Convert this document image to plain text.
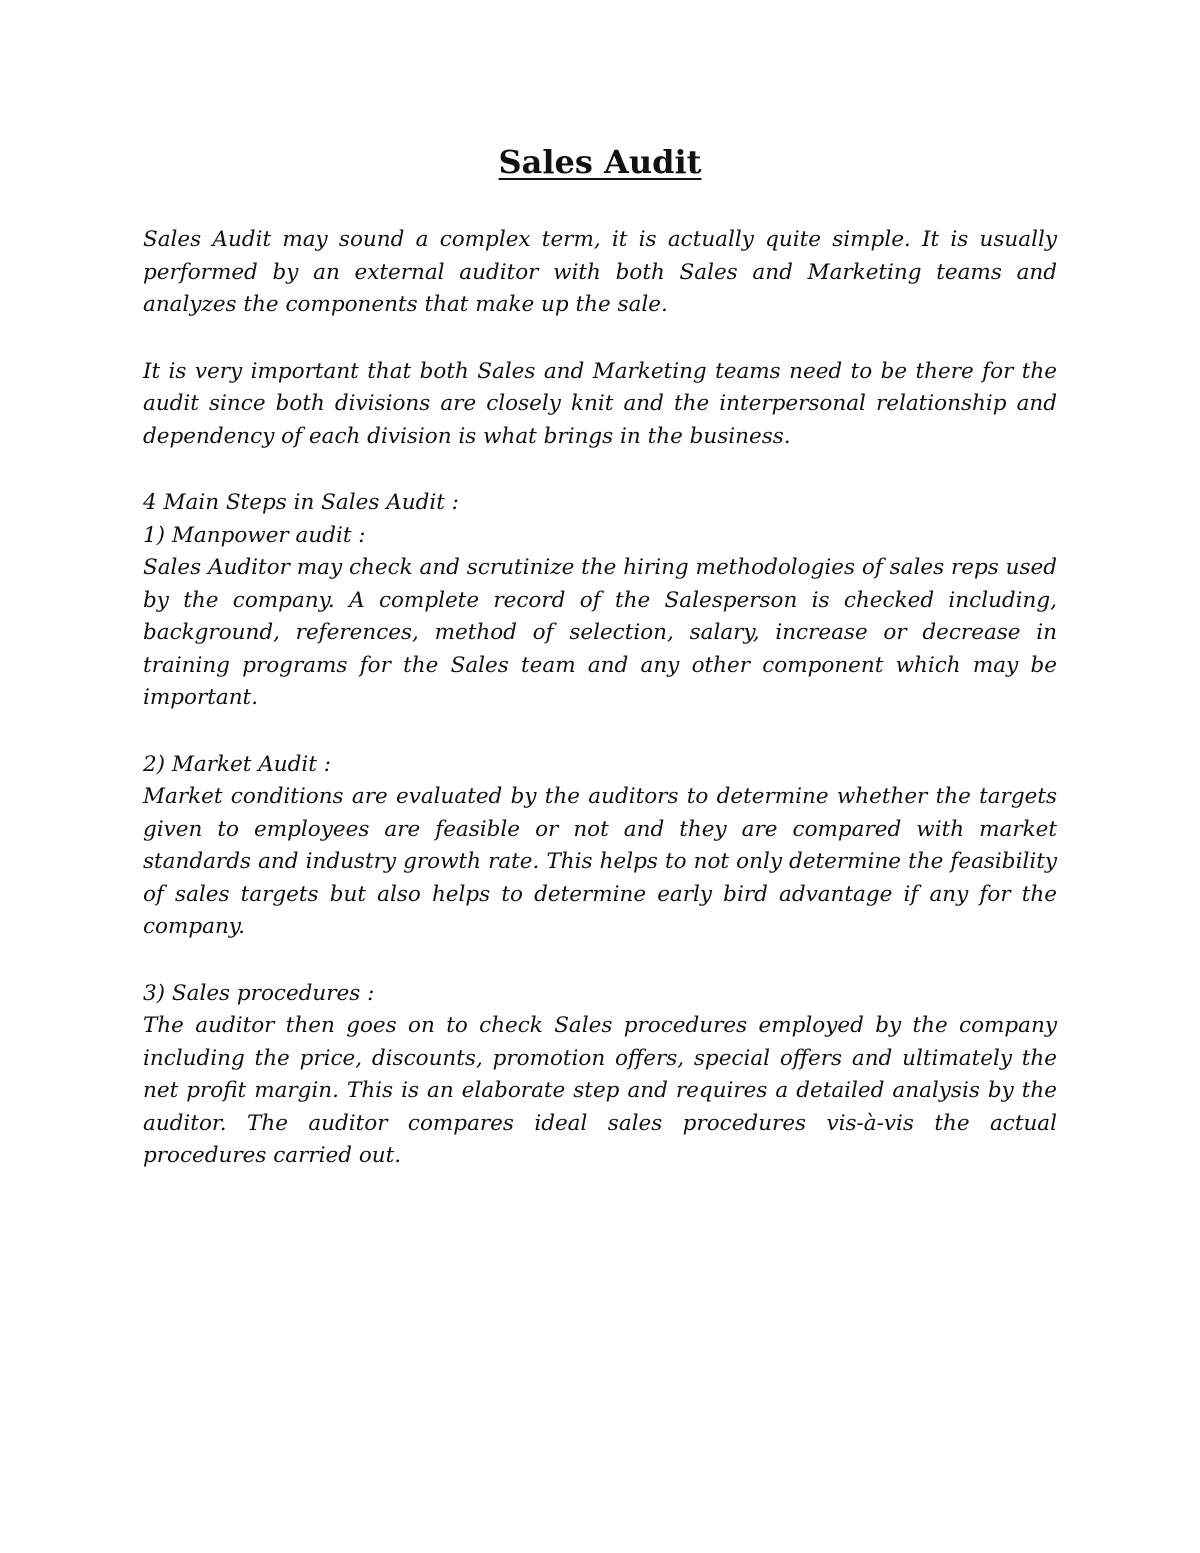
Sales Audit

Sales Audit may sound a complex term, it is actually quite simple. It is usually performed by an external auditor with both Sales and Marketing teams and analyzes the components that make up the sale.

It is very important that both Sales and Marketing teams need to be there for the audit since both divisions are closely knit and the interpersonal relationship and dependency of each division is what brings in the business.

4 Main Steps in Sales Audit :

1) Manpower audit :

Sales Auditor may check and scrutinize the hiring methodologies of sales reps used by the company. A complete record of the Salesperson is checked including, background, references, method of selection, salary, increase or decrease in training programs for the Sales team and any other component which may be important.

2) Market Audit :

Market conditions are evaluated by the auditors to determine whether the targets given to employees are feasible or not and they are compared with market standards and industry growth rate. This helps to not only determine the feasibility of sales targets but also helps to determine early bird advantage if any for the company.

3) Sales procedures :

The auditor then goes on to check Sales procedures employed by the company including the price, discounts, promotion offers, special offers and ultimately the net profit margin. This is an elaborate step and requires a detailed analysis by the auditor. The auditor compares ideal sales procedures vis-à-vis the actual procedures carried out.
